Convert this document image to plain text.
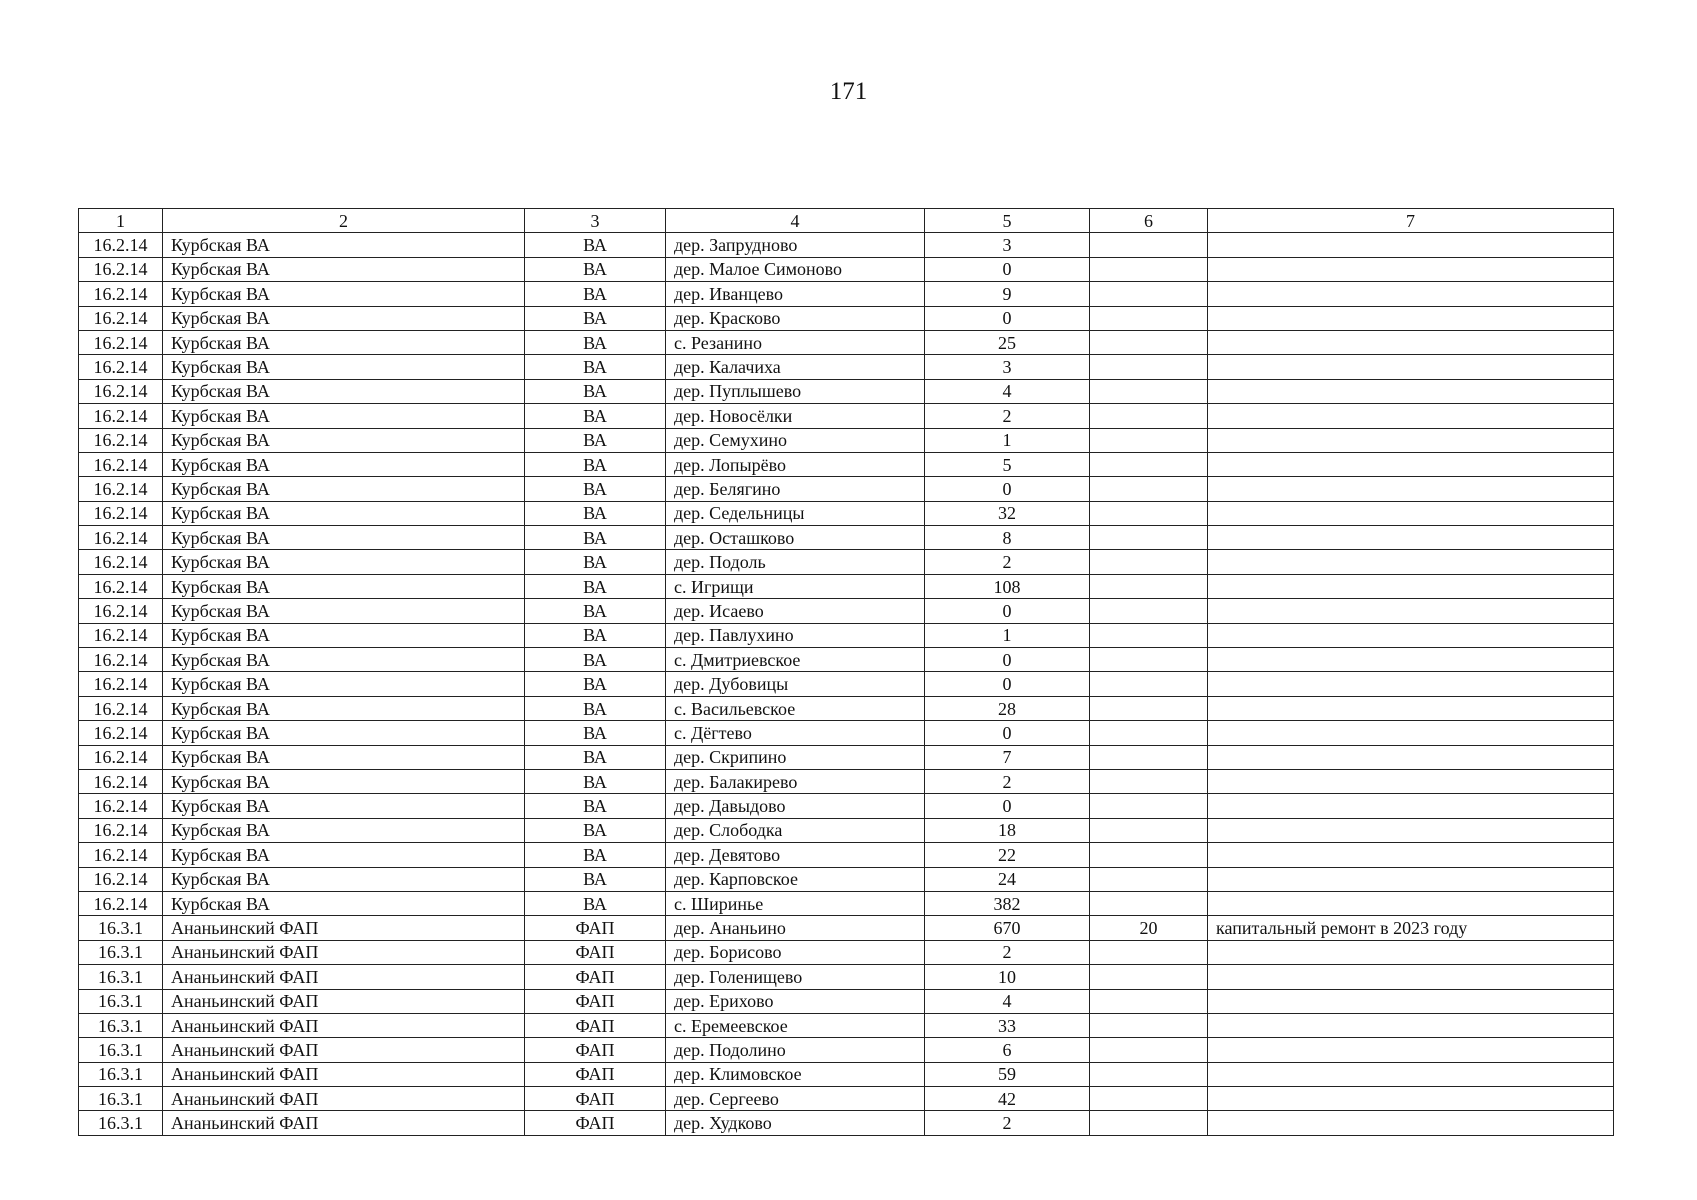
171
1	2	3	4	5	6	7
16.2.14	Курбская ВА	ВА	дер. Запрудново	3		
16.2.14	Курбская ВА	ВА	дер. Малое Симоново	0		
16.2.14	Курбская ВА	ВА	дер. Иванцево	9		
16.2.14	Курбская ВА	ВА	дер. Красково	0		
16.2.14	Курбская ВА	ВА	с. Резанино	25		
16.2.14	Курбская ВА	ВА	дер. Калачиха	3		
16.2.14	Курбская ВА	ВА	дер. Пуплышево	4		
16.2.14	Курбская ВА	ВА	дер. Новосёлки	2		
16.2.14	Курбская ВА	ВА	дер. Семухино	1		
16.2.14	Курбская ВА	ВА	дер. Лопырёво	5		
16.2.14	Курбская ВА	ВА	дер. Белягино	0		
16.2.14	Курбская ВА	ВА	дер. Седельницы	32		
16.2.14	Курбская ВА	ВА	дер. Осташково	8		
16.2.14	Курбская ВА	ВА	дер. Подоль	2		
16.2.14	Курбская ВА	ВА	с. Игрищи	108		
16.2.14	Курбская ВА	ВА	дер. Исаево	0		
16.2.14	Курбская ВА	ВА	дер. Павлухино	1		
16.2.14	Курбская ВА	ВА	с. Дмитриевское	0		
16.2.14	Курбская ВА	ВА	дер. Дубовицы	0		
16.2.14	Курбская ВА	ВА	с. Васильевское	28		
16.2.14	Курбская ВА	ВА	с. Дёгтево	0		
16.2.14	Курбская ВА	ВА	дер. Скрипино	7		
16.2.14	Курбская ВА	ВА	дер. Балакирево	2		
16.2.14	Курбская ВА	ВА	дер. Давыдово	0		
16.2.14	Курбская ВА	ВА	дер. Слободка	18		
16.2.14	Курбская ВА	ВА	дер. Девятово	22		
16.2.14	Курбская ВА	ВА	дер. Карповское	24		
16.2.14	Курбская ВА	ВА	с. Ширинье	382		
16.3.1	Ананьинский ФАП	ФАП	дер. Ананьино	670	20	капитальный ремонт в 2023 году
16.3.1	Ананьинский ФАП	ФАП	дер. Борисово	2		
16.3.1	Ананьинский ФАП	ФАП	дер. Голенищево	10		
16.3.1	Ананьинский ФАП	ФАП	дер. Ерихово	4		
16.3.1	Ананьинский ФАП	ФАП	с. Еремеевское	33		
16.3.1	Ананьинский ФАП	ФАП	дер. Подолино	6		
16.3.1	Ананьинский ФАП	ФАП	дер. Климовское	59		
16.3.1	Ананьинский ФАП	ФАП	дер. Сергеево	42		
16.3.1	Ананьинский ФАП	ФАП	дер. Худково	2		
